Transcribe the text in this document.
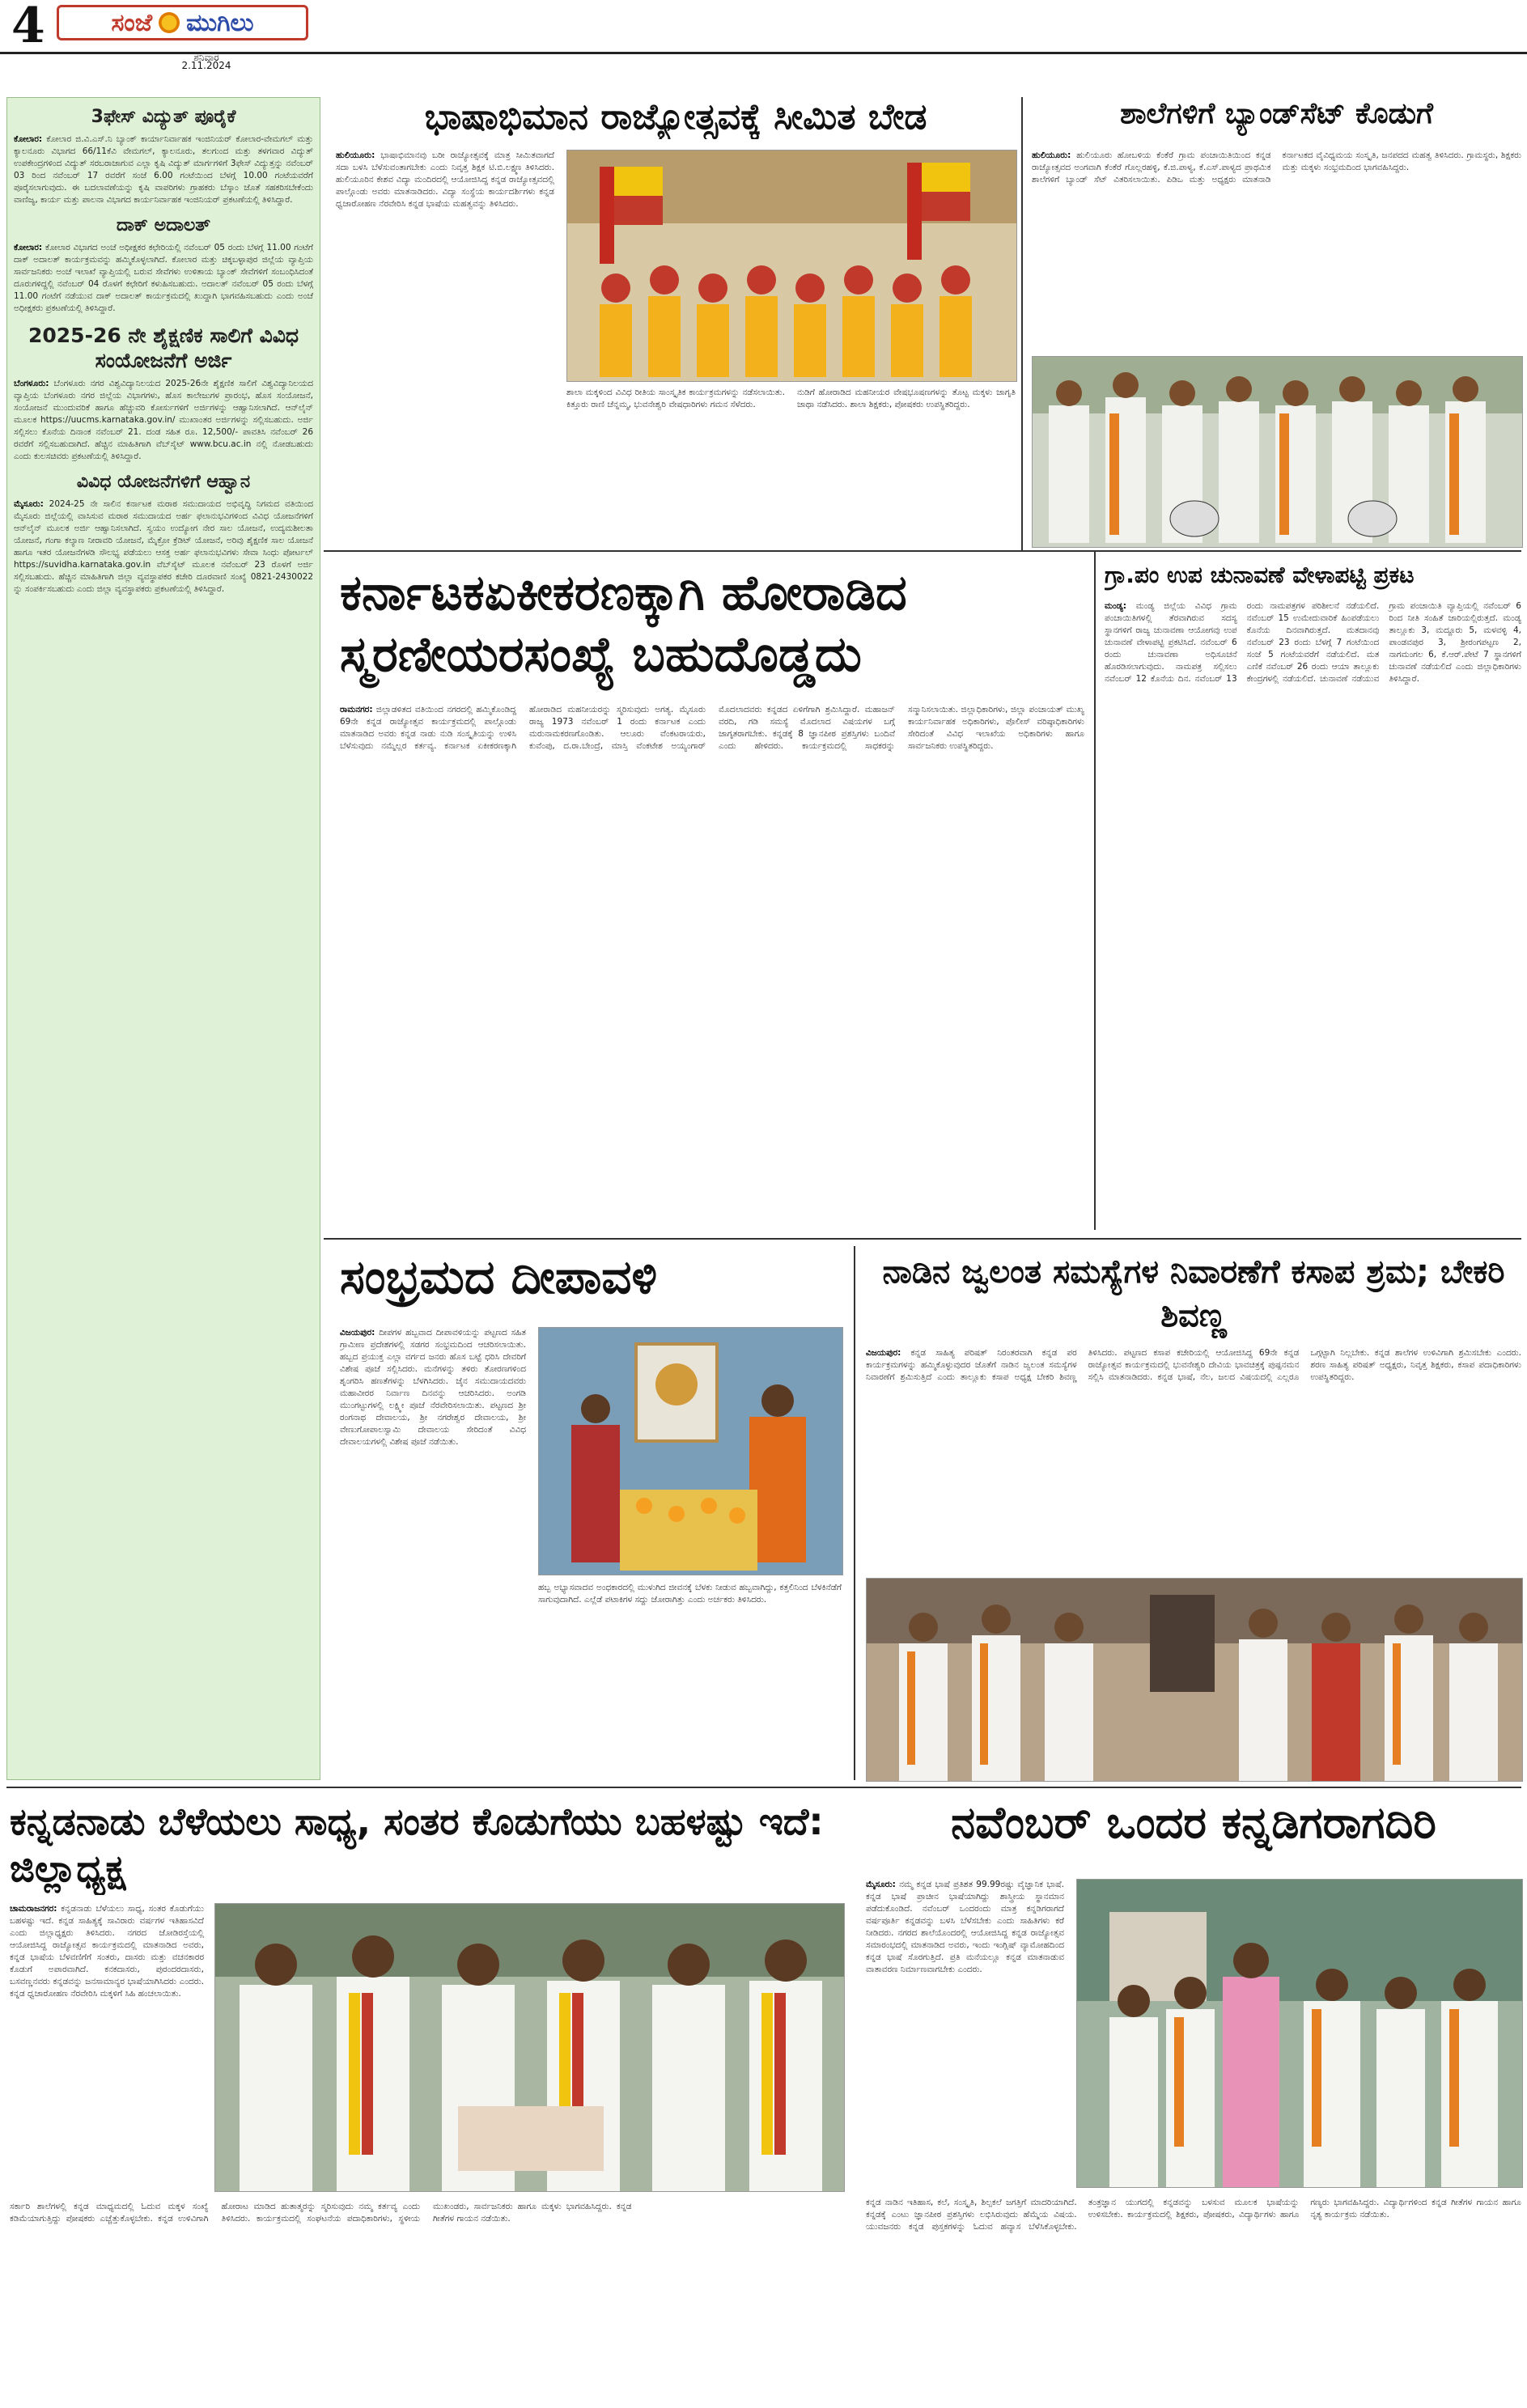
4	ಸಂಜೆ ಮುಗಿಲು
ಶನಿವಾರ
2.11.2024
3ಫೇಸ್ ವಿದ್ಯುತ್ ಪೂರೈಕೆ
ಕೋಲಾರ: ಕೋಲಾರ ಜಿ.ವಿ.ಎಸ್.ನಿ ಬ್ಯಾಂಕ್ ಕಾರ್ಯಾನಿರ್ವಾಹಕ ಇಂಜಿನಿಯರ್ ಕೋಲಾರ-ವೇಮಗಲ್ ಮತ್ತು ಕ್ಯಾಲನೂರು ವಿಭಾಗದ 66/11ಕೆವಿ ವೇಮಗಲ್, ಕ್ಯಾಲನೂರು, ತಲಗುಂದ ಮತ್ತು ತಳಗವಾರ ವಿದ್ಯುತ್ ಉಪಕೇಂದ್ರಗಳಿಂದ ವಿದ್ಯುತ್ ಸರಬರಾಜಾಗುವ ಎಲ್ಲಾ ಕೃಷಿ ವಿದ್ಯುತ್ ಮಾರ್ಗಗಳಿಗೆ 3ಫೇಸ್ ವಿದ್ಯುತ್ತನ್ನು ನವೆಂಬರ್ 03 ರಿಂದ ನವೆಂಬರ್ 17 ರವರೆಗೆ ಸಂಜೆ 6.00 ಗಂಟೆಯಿಂದ ಬೆಳಗ್ಗೆ 10.00 ಗಂಟೆಯವರೆಗೆ ಪೂರೈಸಲಾಗುವುದು. ಈ ಬದಲಾವಣೆಯನ್ನು ಕೃಷಿ ವಾಪರಿಗಳು ಗ್ರಾಹಕರು ಬೆಸ್ಕಾಂ ಜೊತೆ ಸಹಕರಿಸಬೇಕೆಂದು ವಾಣಿಜ್ಯ, ಕಾರ್ಯ ಮತ್ತು ಪಾಲನಾ ವಿಭಾಗದ ಕಾರ್ಯನಿರ್ವಾಹಕ ಇಂಜಿನಿಯರ್ ಪ್ರಕಟಣೆಯಲ್ಲಿ ತಿಳಿಸಿದ್ದಾರೆ.
ದಾಕ್ ಅದಾಲತ್
ಕೋಲಾರ: ಕೋಲಾರ ವಿಭಾಗದ ಅಂಚೆ ಅಧೀಕ್ಷಕರ ಕಛೇರಿಯಲ್ಲಿ ನವೆಂಬರ್ 05 ರಂದು ಬೆಳಗ್ಗೆ 11.00 ಗಂಟೆಗೆ ದಾಕ್ ಅದಾಲತ್ ಕಾರ್ಯಕ್ರಮವನ್ನು ಹಮ್ಮಿಕೊಳ್ಳಲಾಗಿದೆ. ಕೋಲಾರ ಮತ್ತು ಚಿಕ್ಕಬಳ್ಳಾಪುರ ಜಿಲ್ಲೆಯ ವ್ಯಾಪ್ತಿಯ ಸಾರ್ವಜನಿಕರು ಅಂಚೆ ಇಲಾಖೆ ವ್ಯಾಪ್ತಿಯಲ್ಲಿ ಬರುವ ಸೇವೆಗಳು ಉಳಿತಾಯ ಬ್ಯಾಂಕ್ ಸೇವೆಗಳಿಗೆ ಸಂಬಂಧಿಸಿದಂತೆ ದೂರುಗಳಿದ್ದಲ್ಲಿ ನವೆಂಬರ್ 04 ರೊಳಗೆ ಕಛೇರಿಗೆ ಕಳುಹಿಸಬಹುದು. ಅದಾಲತ್ ನವೆಂಬರ್ 05 ರಂದು ಬೆಳಗ್ಗೆ 11.00 ಗಂಟೆಗೆ ನಡೆಯುವ ದಾಕ್ ಅದಾಲತ್ ಕಾರ್ಯಕ್ರಮದಲ್ಲಿ ಖುದ್ದಾಗಿ ಭಾಗವಹಿಸಬಹುದು ಎಂದು ಅಂಚೆ ಅಧೀಕ್ಷಕರು ಪ್ರಕಟಣೆಯಲ್ಲಿ ತಿಳಿಸಿದ್ದಾರೆ.
2025-26 ನೇ ಶೈಕ್ಷಣಿಕ ಸಾಲಿಗೆ ವಿವಿಧ ಸಂಯೋಜನೆಗೆ ಅರ್ಜಿ
ಬೆಂಗಳೂರು: ಬೆಂಗಳೂರು ನಗರ ವಿಶ್ವವಿದ್ಯಾನಿಲಯದ 2025-26ನೇ ಶೈಕ್ಷಣಿಕ ಸಾಲಿಗೆ ವಿಶ್ವವಿದ್ಯಾನಿಲಯದ ವ್ಯಾಪ್ತಿಯ ಬೆಂಗಳೂರು ನಗರ ಜಿಲ್ಲೆಯ ವಿಭಾಗಗಳು, ಹೊಸ ಕಾಲೇಜುಗಳ ಪ್ರಾರಂಭ, ಹೊಸ ಸಂಯೋಜನೆ, ಸಂಯೋಜನೆ ಮುಂದುವರಿಕೆ ಹಾಗೂ ಹೆಚ್ಚುವರಿ ಕೋರ್ಸುಗಳಿಗೆ ಅರ್ಜಿಗಳನ್ನು ಆಹ್ವಾನಿಸಲಾಗಿದೆ. ಆನ್‌ಲೈನ್ ಮೂಲಕ https://uucms.karnataka.gov.in/ ಮುಖಾಂತರ ಅರ್ಜಿಗಳನ್ನು ಸಲ್ಲಿಸಬಹುದು. ಅರ್ಜಿ ಸಲ್ಲಿಸಲು ಕೊನೆಯ ದಿನಾಂಕ ನವೆಂಬರ್ 21. ದಂಡ ಸಹಿತ ರೂ. 12,500/- ಪಾವತಿಸಿ ನವೆಂಬರ್ 26 ರವರೆಗೆ ಸಲ್ಲಿಸಬಹುದಾಗಿದೆ. ಹೆಚ್ಚಿನ ಮಾಹಿತಿಗಾಗಿ ವೆಬ್‌ಸೈಟ್ www.bcu.ac.in ನಲ್ಲಿ ನೋಡಬಹುದು ಎಂದು ಕುಲಸಚಿವರು ಪ್ರಕಟಣೆಯಲ್ಲಿ ತಿಳಿಸಿದ್ದಾರೆ.
ವಿವಿಧ ಯೋಜನೆಗಳಿಗೆ ಆಹ್ವಾನ
ಮೈಸೂರು: 2024-25 ನೇ ಸಾಲಿನ ಕರ್ನಾಟಕ ಮರಾಠ ಸಮುದಾಯದ ಅಭಿವೃದ್ಧಿ ನಿಗಮದ ವತಿಯಿಂದ ಮೈಸೂರು ಜಿಲ್ಲೆಯಲ್ಲಿ ವಾಸಿಸುವ ಮರಾಠ ಸಮುದಾಯದ ಅರ್ಹ ಫಲಾನುಭವಿಗಳಿಂದ ವಿವಿಧ ಯೋಜನೆಗಳಿಗೆ ಆನ್‌ಲೈನ್ ಮೂಲಕ ಅರ್ಜಿ ಆಹ್ವಾನಿಸಲಾಗಿದೆ. ಸ್ವಯಂ ಉದ್ಯೋಗ ನೇರ ಸಾಲ ಯೋಜನೆ, ಉದ್ಯಮಶೀಲತಾ ಯೋಜನೆ, ಗಂಗಾ ಕಲ್ಯಾಣ ನೀರಾವರಿ ಯೋಜನೆ, ಮೈಕ್ರೋ ಕ್ರೆಡಿಟ್ ಯೋಜನೆ, ಅರಿವು ಶೈಕ್ಷಣಿಕ ಸಾಲ ಯೋಜನೆ ಹಾಗೂ ಇತರ ಯೋಜನೆಗಳಡಿ ಸೌಲಭ್ಯ ಪಡೆಯಲು ಆಸಕ್ತ ಅರ್ಹ ಫಲಾನುಭವಿಗಳು ಸೇವಾ ಸಿಂಧು ಪೋರ್ಟಲ್ https://suvidha.karnataka.gov.in ವೆಬ್‌ಸೈಟ್ ಮೂಲಕ ನವೆಂಬರ್ 23 ರೊಳಗೆ ಅರ್ಜಿ ಸಲ್ಲಿಸಬಹುದು. ಹೆಚ್ಚಿನ ಮಾಹಿತಿಗಾಗಿ ಜಿಲ್ಲಾ ವ್ಯವಸ್ಥಾಪಕರ ಕಚೇರಿ ದೂರವಾಣಿ ಸಂಖ್ಯೆ 0821-2430022 ನ್ನು ಸಂಪರ್ಕಿಸಬಹುದು ಎಂದು ಜಿಲ್ಲಾ ವ್ಯವಸ್ಥಾಪಕರು ಪ್ರಕಟಣೆಯಲ್ಲಿ ತಿಳಿಸಿದ್ದಾರೆ.
ಭಾಷಾಭಿಮಾನ ರಾಜ್ಯೋತ್ಸವಕ್ಕೆ ಸೀಮಿತ ಬೇಡ
ಹುಲಿಯೂರು: ಭಾಷಾಭಿಮಾನವು ಬರೀ ರಾಜ್ಯೋತ್ಸವಕ್ಕೆ ಮಾತ್ರ ಸೀಮಿತವಾಗದೆ ಸದಾ ಬಳಸಿ ಬೆಳೆಸುವಂತಾಗಬೇಕು ಎಂದು ನಿವೃತ್ತ ಶಿಕ್ಷಕ ಟಿ.ಬಿ.ಲಕ್ಷ್ಮಣ ತಿಳಿಸಿದರು. ಹುಲಿಯೂರಿನ ಕೇಶವ ವಿದ್ಯಾ ಮಂದಿರದಲ್ಲಿ ಆಯೋಜಿಸಿದ್ದ ಕನ್ನಡ ರಾಜ್ಯೋತ್ಸವದಲ್ಲಿ ಪಾಲ್ಗೊಂಡು ಅವರು ಮಾತನಾಡಿದರು. ವಿದ್ಯಾ ಸಂಸ್ಥೆಯ ಕಾರ್ಯದರ್ಶಿಗಳು ಕನ್ನಡ ಧ್ವಜಾರೋಹಣ ನೆರವೇರಿಸಿ ಕನ್ನಡ ಭಾಷೆಯ ಮಹತ್ವವನ್ನು ತಿಳಿಸಿದರು.
ಶಾಲಾ ಮಕ್ಕಳಿಂದ ವಿವಿಧ ರೀತಿಯ ಸಾಂಸ್ಕೃತಿಕ ಕಾರ್ಯಕ್ರಮಗಳನ್ನು ನಡೆಸಲಾಯಿತು. ಕಿತ್ತೂರು ರಾಣಿ ಚೆನ್ನಮ್ಮ, ಭುವನೇಶ್ವರಿ ವೇಷಧಾರಿಗಳು ಗಮನ ಸೆಳೆದರು.
ನುಡಿಗೆ ಹೋರಾಡಿದ ಮಹನೀಯರ ವೇಷಭೂಷಣಗಳನ್ನು ತೊಟ್ಟ ಮಕ್ಕಳು ಜಾಗೃತಿ ಜಾಥಾ ನಡೆಸಿದರು. ಶಾಲಾ ಶಿಕ್ಷಕರು, ಪೋಷಕರು ಉಪಸ್ಥಿತರಿದ್ದರು.
ಶಾಲೆಗಳಿಗೆ ಬ್ಯಾಂಡ್‌ಸೆಟ್ ಕೊಡುಗೆ
ಹುಲಿಯೂರು: ಹುಲಿಯೂರು ಹೋಬಳಿಯ ಕೆಂಕೆರೆ ಗ್ರಾಮ ಪಂಚಾಯಿತಿಯಿಂದ ಕನ್ನಡ ರಾಜ್ಯೋತ್ಸವದ ಅಂಗವಾಗಿ ಕೆಂಕೆರೆ ಗೊಲ್ಲರಹಳ್ಳಿ, ಕೆ.ಜಿ.ಪಾಳ್ಯ, ಕೆ.ಎಸ್.ಪಾಳ್ಯದ ಪ್ರಾಥಮಿಕ ಶಾಲೆಗಳಿಗೆ ಬ್ಯಾಂಡ್ ಸೆಟ್ ವಿತರಿಸಲಾಯಿತು. ಪಿಡಿಒ ಮತ್ತು ಅಧ್ಯಕ್ಷರು ಮಾತನಾಡಿ ಕರ್ನಾಟಕದ ವೈವಿಧ್ಯಮಯ ಸಂಸ್ಕೃತಿ, ಜನಪದದ ಮಹತ್ವ ತಿಳಿಸಿದರು. ಗ್ರಾಮಸ್ಥರು, ಶಿಕ್ಷಕರು ಮತ್ತು ಮಕ್ಕಳು ಸಂಭ್ರಮದಿಂದ ಭಾಗವಹಿಸಿದ್ದರು.
ಕರ್ನಾಟಕಏಕೀಕರಣಕ್ಕಾಗಿ ಹೋರಾಡಿದ ಸ್ಮರಣೀಯರಸಂಖ್ಯೆ ಬಹುದೊಡ್ಡದು
ರಾಮನಗರ: ಜಿಲ್ಲಾಡಳಿತದ ವತಿಯಿಂದ ನಗರದಲ್ಲಿ ಹಮ್ಮಿಕೊಂಡಿದ್ದ 69ನೇ ಕನ್ನಡ ರಾಜ್ಯೋತ್ಸವ ಕಾರ್ಯಕ್ರಮದಲ್ಲಿ ಪಾಲ್ಗೊಂಡು ಮಾತನಾಡಿದ ಅವರು ಕನ್ನಡ ನಾಡು ನುಡಿ ಸಂಸ್ಕೃತಿಯನ್ನು ಉಳಿಸಿ ಬೆಳೆಸುವುದು ನಮ್ಮೆಲ್ಲರ ಕರ್ತವ್ಯ. ಕರ್ನಾಟಕ ಏಕೀಕರಣಕ್ಕಾಗಿ ಹೋರಾಡಿದ ಮಹನೀಯರನ್ನು ಸ್ಮರಿಸುವುದು ಅಗತ್ಯ. ಮೈಸೂರು ರಾಜ್ಯ 1973 ನವೆಂಬರ್ 1 ರಂದು ಕರ್ನಾಟಕ ಎಂದು ಮರುನಾಮಕರಣಗೊಂಡಿತು. ಆಲೂರು ವೆಂಕಟರಾಯರು, ಕುವೆಂಪು, ದ.ರಾ.ಬೇಂದ್ರೆ, ಮಾಸ್ತಿ ವೆಂಕಟೇಶ ಅಯ್ಯಂಗಾರ್ ಮೊದಲಾದವರು ಕನ್ನಡದ ಏಳಿಗೆಗಾಗಿ ಶ್ರಮಿಸಿದ್ದಾರೆ. ಮಹಾಜನ್ ವರದಿ, ಗಡಿ ಸಮಸ್ಯೆ ಮೊದಲಾದ ವಿಷಯಗಳ ಬಗ್ಗೆ ಜಾಗೃತರಾಗಬೇಕು. ಕನ್ನಡಕ್ಕೆ 8 ಜ್ಞಾನಪೀಠ ಪ್ರಶಸ್ತಿಗಳು ಬಂದಿವೆ ಎಂದು ಹೇಳಿದರು. ಕಾರ್ಯಕ್ರಮದಲ್ಲಿ ಸಾಧಕರನ್ನು ಸನ್ಮಾನಿಸಲಾಯಿತು. ಜಿಲ್ಲಾಧಿಕಾರಿಗಳು, ಜಿಲ್ಲಾ ಪಂಚಾಯತ್ ಮುಖ್ಯ ಕಾರ್ಯನಿರ್ವಾಹಕ ಅಧಿಕಾರಿಗಳು, ಪೊಲೀಸ್ ವರಿಷ್ಠಾಧಿಕಾರಿಗಳು ಸೇರಿದಂತೆ ವಿವಿಧ ಇಲಾಖೆಯ ಅಧಿಕಾರಿಗಳು ಹಾಗೂ ಸಾರ್ವಜನಿಕರು ಉಪಸ್ಥಿತರಿದ್ದರು.
ಗ್ರಾ.ಪಂ ಉಪ ಚುನಾವಣೆ ವೇಳಾಪಟ್ಟಿ ಪ್ರಕಟ
ಮಂಡ್ಯ: ಮಂಡ್ಯ ಜಿಲ್ಲೆಯ ವಿವಿಧ ಗ್ರಾಮ ಪಂಚಾಯಿತಿಗಳಲ್ಲಿ ತೆರವಾಗಿರುವ ಸದಸ್ಯ ಸ್ಥಾನಗಳಿಗೆ ರಾಜ್ಯ ಚುನಾವಣಾ ಆಯೋಗವು ಉಪ ಚುನಾವಣೆ ವೇಳಾಪಟ್ಟಿ ಪ್ರಕಟಿಸಿದೆ. ನವೆಂಬರ್ 6 ರಂದು ಚುನಾವಣಾ ಅಧಿಸೂಚನೆ ಹೊರಡಿಸಲಾಗುವುದು. ನಾಮಪತ್ರ ಸಲ್ಲಿಸಲು ನವೆಂಬರ್ 12 ಕೊನೆಯ ದಿನ. ನವೆಂಬರ್ 13 ರಂದು ನಾಮಪತ್ರಗಳ ಪರಿಶೀಲನೆ ನಡೆಯಲಿದೆ. ನವೆಂಬರ್ 15 ಉಮೇದುವಾರಿಕೆ ಹಿಂಪಡೆಯಲು ಕೊನೆಯ ದಿನವಾಗಿರುತ್ತದೆ. ಮತದಾನವು ನವೆಂಬರ್ 23 ರಂದು ಬೆಳಗ್ಗೆ 7 ಗಂಟೆಯಿಂದ ಸಂಜೆ 5 ಗಂಟೆಯವರೆಗೆ ನಡೆಯಲಿದೆ. ಮತ ಎಣಿಕೆ ನವೆಂಬರ್ 26 ರಂದು ಆಯಾ ತಾಲ್ಲೂಕು ಕೇಂದ್ರಗಳಲ್ಲಿ ನಡೆಯಲಿದೆ. ಚುನಾವಣೆ ನಡೆಯುವ ಗ್ರಾಮ ಪಂಚಾಯಿತಿ ವ್ಯಾಪ್ತಿಯಲ್ಲಿ ನವೆಂಬರ್ 6 ರಿಂದ ನೀತಿ ಸಂಹಿತೆ ಜಾರಿಯಲ್ಲಿರುತ್ತದೆ. ಮಂಡ್ಯ ತಾಲ್ಲೂಕು 3, ಮದ್ದೂರು 5, ಮಳವಳ್ಳಿ 4, ಪಾಂಡವಪುರ 3, ಶ್ರೀರಂಗಪಟ್ಟಣ 2, ನಾಗಮಂಗಲ 6, ಕೆ.ಆರ್.ಪೇಟೆ 7 ಸ್ಥಾನಗಳಿಗೆ ಚುನಾವಣೆ ನಡೆಯಲಿದೆ ಎಂದು ಜಿಲ್ಲಾಧಿಕಾರಿಗಳು ತಿಳಿಸಿದ್ದಾರೆ.
ಸಂಭ್ರಮದ ದೀಪಾವಳಿ
ವಿಜಯಪುರ: ದೀಪಗಳ ಹಬ್ಬವಾದ ದೀಪಾವಳಿಯನ್ನು ಪಟ್ಟಣದ ಸಹಿತ ಗ್ರಾಮೀಣ ಪ್ರದೇಶಗಳಲ್ಲಿ ಸಡಗರ ಸಂಭ್ರಮದಿಂದ ಆಚರಿಸಲಾಯಿತು. ಹಬ್ಬದ ಪ್ರಯುಕ್ತ ಎಲ್ಲಾ ವರ್ಗದ ಜನರು ಹೊಸ ಬಟ್ಟೆ ಧರಿಸಿ ದೇವರಿಗೆ ವಿಶೇಷ ಪೂಜೆ ಸಲ್ಲಿಸಿದರು. ಮನೆಗಳನ್ನು ತಳಿರು ತೋರಣಗಳಿಂದ ಶೃಂಗರಿಸಿ ಹಣತೆಗಳನ್ನು ಬೆಳಗಿಸಿದರು. ಜೈನ ಸಮುದಾಯದವರು ಮಹಾವೀರರ ನಿರ್ವಾಣ ದಿನವನ್ನು ಆಚರಿಸಿದರು. ಅಂಗಡಿ ಮುಂಗಟ್ಟುಗಳಲ್ಲಿ ಲಕ್ಷ್ಮೀ ಪೂಜೆ ನೆರವೇರಿಸಲಾಯಿತು. ಪಟ್ಟಣದ ಶ್ರೀ ರಂಗನಾಥ ದೇವಾಲಯ, ಶ್ರೀ ನಗರೇಶ್ವರ ದೇವಾಲಯ, ಶ್ರೀ ವೇಣುಗೋಪಾಲಸ್ವಾಮಿ ದೇವಾಲಯ ಸೇರಿದಂತೆ ವಿವಿಧ ದೇವಾಲಯಗಳಲ್ಲಿ ವಿಶೇಷ ಪೂಜೆ ನಡೆಯಿತು.
ಹಬ್ಬ ಅಭ್ಯಾಸವಾದವ ಅಂಧಕಾರದಲ್ಲಿ ಮುಳುಗಿದ ಜೀವನಕ್ಕೆ ಬೆಳಕು ನೀಡುವ ಹಬ್ಬವಾಗಿದ್ದು, ಕತ್ತಲಿನಿಂದ ಬೆಳಕಿನೆಡೆಗೆ ಸಾಗುವುದಾಗಿದೆ. ಎಲ್ಲೆಡೆ ಪಟಾಕಿಗಳ ಸದ್ದು ಜೋರಾಗಿತ್ತು ಎಂದು ಅರ್ಚಕರು ತಿಳಿಸಿದರು.
ನಾಡಿನ ಜ್ವಲಂತ ಸಮಸ್ಯೆಗಳ ನಿವಾರಣೆಗೆ ಕಸಾಪ ಶ್ರಮ; ಬೇಕರಿ ಶಿವಣ್ಣ
ವಿಜಯಪುರ: ಕನ್ನಡ ಸಾಹಿತ್ಯ ಪರಿಷತ್ ನಿರಂತರವಾಗಿ ಕನ್ನಡ ಪರ ಕಾರ್ಯಕ್ರಮಗಳನ್ನು ಹಮ್ಮಿಕೊಳ್ಳುವುದರ ಜೊತೆಗೆ ನಾಡಿನ ಜ್ವಲಂತ ಸಮಸ್ಯೆಗಳ ನಿವಾರಣೆಗೆ ಶ್ರಮಿಸುತ್ತಿದೆ ಎಂದು ತಾಲ್ಲೂಕು ಕಸಾಪ ಅಧ್ಯಕ್ಷ ಬೇಕರಿ ಶಿವಣ್ಣ ತಿಳಿಸಿದರು. ಪಟ್ಟಣದ ಕಸಾಪ ಕಚೇರಿಯಲ್ಲಿ ಆಯೋಜಿಸಿದ್ದ 69ನೇ ಕನ್ನಡ ರಾಜ್ಯೋತ್ಸವ ಕಾರ್ಯಕ್ರಮದಲ್ಲಿ ಭುವನೇಶ್ವರಿ ದೇವಿಯ ಭಾವಚಿತ್ರಕ್ಕೆ ಪುಷ್ಪನಮನ ಸಲ್ಲಿಸಿ ಮಾತನಾಡಿದರು. ಕನ್ನಡ ಭಾಷೆ, ನೆಲ, ಜಲದ ವಿಷಯದಲ್ಲಿ ಎಲ್ಲರೂ ಒಗ್ಗಟ್ಟಾಗಿ ನಿಲ್ಲಬೇಕು. ಕನ್ನಡ ಶಾಲೆಗಳ ಉಳಿವಿಗಾಗಿ ಶ್ರಮಿಸಬೇಕು ಎಂದರು. ಶರಣ ಸಾಹಿತ್ಯ ಪರಿಷತ್ ಅಧ್ಯಕ್ಷರು, ನಿವೃತ್ತ ಶಿಕ್ಷಕರು, ಕಸಾಪ ಪದಾಧಿಕಾರಿಗಳು ಉಪಸ್ಥಿತರಿದ್ದರು.
ಕನ್ನಡನಾಡು ಬೆಳೆಯಲು ಸಾಧ್ಯ, ಸಂತರ ಕೊಡುಗೆಯು ಬಹಳಷ್ಟು ಇದೆ: ಜಿಲ್ಲಾಧ್ಯಕ್ಷ
ಚಾಮರಾಜನಗರ: ಕನ್ನಡನಾಡು ಬೆಳೆಯಲು ಸಾಧ್ಯ, ಸಂತರ ಕೊಡುಗೆಯು ಬಹಳಷ್ಟು ಇದೆ. ಕನ್ನಡ ಸಾಹಿತ್ಯಕ್ಕೆ ಸಾವಿರಾರು ವರ್ಷಗಳ ಇತಿಹಾಸವಿದೆ ಎಂದು ಜಿಲ್ಲಾಧ್ಯಕ್ಷರು ತಿಳಿಸಿದರು. ನಗರದ ಜೋಡಿರಸ್ತೆಯಲ್ಲಿ ಆಯೋಜಿಸಿದ್ದ ರಾಜ್ಯೋತ್ಸವ ಕಾರ್ಯಕ್ರಮದಲ್ಲಿ ಮಾತನಾಡಿದ ಅವರು, ಕನ್ನಡ ಭಾಷೆಯ ಬೆಳವಣಿಗೆಗೆ ಸಂತರು, ದಾಸರು ಮತ್ತು ವಚನಕಾರರ ಕೊಡುಗೆ ಅಪಾರವಾಗಿದೆ. ಕನಕದಾಸರು, ಪುರಂದರದಾಸರು, ಬಸವಣ್ಣನವರು ಕನ್ನಡವನ್ನು ಜನಸಾಮಾನ್ಯರ ಭಾಷೆಯಾಗಿಸಿದರು ಎಂದರು. ಕನ್ನಡ ಧ್ವಜಾರೋಹಣ ನೆರವೇರಿಸಿ ಮಕ್ಕಳಿಗೆ ಸಿಹಿ ಹಂಚಲಾಯಿತು.
ಸರ್ಕಾರಿ ಶಾಲೆಗಳಲ್ಲಿ ಕನ್ನಡ ಮಾಧ್ಯಮದಲ್ಲಿ ಓದುವ ಮಕ್ಕಳ ಸಂಖ್ಯೆ ಕಡಿಮೆಯಾಗುತ್ತಿದ್ದು ಪೋಷಕರು ಎಚ್ಚೆತ್ತುಕೊಳ್ಳಬೇಕು. ಕನ್ನಡ ಉಳಿವಿಗಾಗಿ ಹೋರಾಟ ಮಾಡಿದ ಹುತಾತ್ಮರನ್ನು ಸ್ಮರಿಸುವುದು ನಮ್ಮ ಕರ್ತವ್ಯ ಎಂದು ತಿಳಿಸಿದರು. ಕಾರ್ಯಕ್ರಮದಲ್ಲಿ ಸಂಘಟನೆಯ ಪದಾಧಿಕಾರಿಗಳು, ಸ್ಥಳೀಯ ಮುಖಂಡರು, ಸಾರ್ವಜನಿಕರು ಹಾಗೂ ಮಕ್ಕಳು ಭಾಗವಹಿಸಿದ್ದರು. ಕನ್ನಡ ಗೀತೆಗಳ ಗಾಯನ ನಡೆಯಿತು.
ನವೆಂಬರ್ ಒಂದರ ಕನ್ನಡಿಗರಾಗದಿರಿ
ಮೈಸೂರು: ನಮ್ಮ ಕನ್ನಡ ಭಾಷೆ ಪ್ರತಿಶತ 99.99ರಷ್ಟು ವೈಜ್ಞಾನಿಕ ಭಾಷೆ. ಕನ್ನಡ ಭಾಷೆ ಪ್ರಾಚೀನ ಭಾಷೆಯಾಗಿದ್ದು ಶಾಸ್ತ್ರೀಯ ಸ್ಥಾನಮಾನ ಪಡೆದುಕೊಂಡಿದೆ. ನವೆಂಬರ್ ಒಂದರಂದು ಮಾತ್ರ ಕನ್ನಡಿಗರಾಗದೆ ವರ್ಷಪೂರ್ತಿ ಕನ್ನಡವನ್ನು ಬಳಸಿ ಬೆಳೆಸಬೇಕು ಎಂದು ಸಾಹಿತಿಗಳು ಕರೆ ನೀಡಿದರು. ನಗರದ ಶಾಲೆಯೊಂದರಲ್ಲಿ ಆಯೋಜಿಸಿದ್ದ ಕನ್ನಡ ರಾಜ್ಯೋತ್ಸವ ಸಮಾರಂಭದಲ್ಲಿ ಮಾತನಾಡಿದ ಅವರು, ಇಂದು ಇಂಗ್ಲಿಷ್ ವ್ಯಾಮೋಹದಿಂದ ಕನ್ನಡ ಭಾಷೆ ಸೊರಗುತ್ತಿದೆ. ಪ್ರತಿ ಮನೆಯಲ್ಲೂ ಕನ್ನಡ ಮಾತನಾಡುವ ವಾತಾವರಣ ನಿರ್ಮಾಣವಾಗಬೇಕು ಎಂದರು.
ಕನ್ನಡ ನಾಡಿನ ಇತಿಹಾಸ, ಕಲೆ, ಸಂಸ್ಕೃತಿ, ಶಿಲ್ಪಕಲೆ ಜಗತ್ತಿಗೆ ಮಾದರಿಯಾಗಿದೆ. ಕನ್ನಡಕ್ಕೆ ಎಂಟು ಜ್ಞಾನಪೀಠ ಪ್ರಶಸ್ತಿಗಳು ಲಭಿಸಿರುವುದು ಹೆಮ್ಮೆಯ ವಿಷಯ. ಯುವಜನರು ಕನ್ನಡ ಪುಸ್ತಕಗಳನ್ನು ಓದುವ ಹವ್ಯಾಸ ಬೆಳೆಸಿಕೊಳ್ಳಬೇಕು. ತಂತ್ರಜ್ಞಾನ ಯುಗದಲ್ಲಿ ಕನ್ನಡವನ್ನು ಬಳಸುವ ಮೂಲಕ ಭಾಷೆಯನ್ನು ಉಳಿಸಬೇಕು. ಕಾರ್ಯಕ್ರಮದಲ್ಲಿ ಶಿಕ್ಷಕರು, ಪೋಷಕರು, ವಿದ್ಯಾರ್ಥಿಗಳು ಹಾಗೂ ಗಣ್ಯರು ಭಾಗವಹಿಸಿದ್ದರು. ವಿದ್ಯಾರ್ಥಿಗಳಿಂದ ಕನ್ನಡ ಗೀತೆಗಳ ಗಾಯನ ಹಾಗೂ ನೃತ್ಯ ಕಾರ್ಯಕ್ರಮ ನಡೆಯಿತು.
